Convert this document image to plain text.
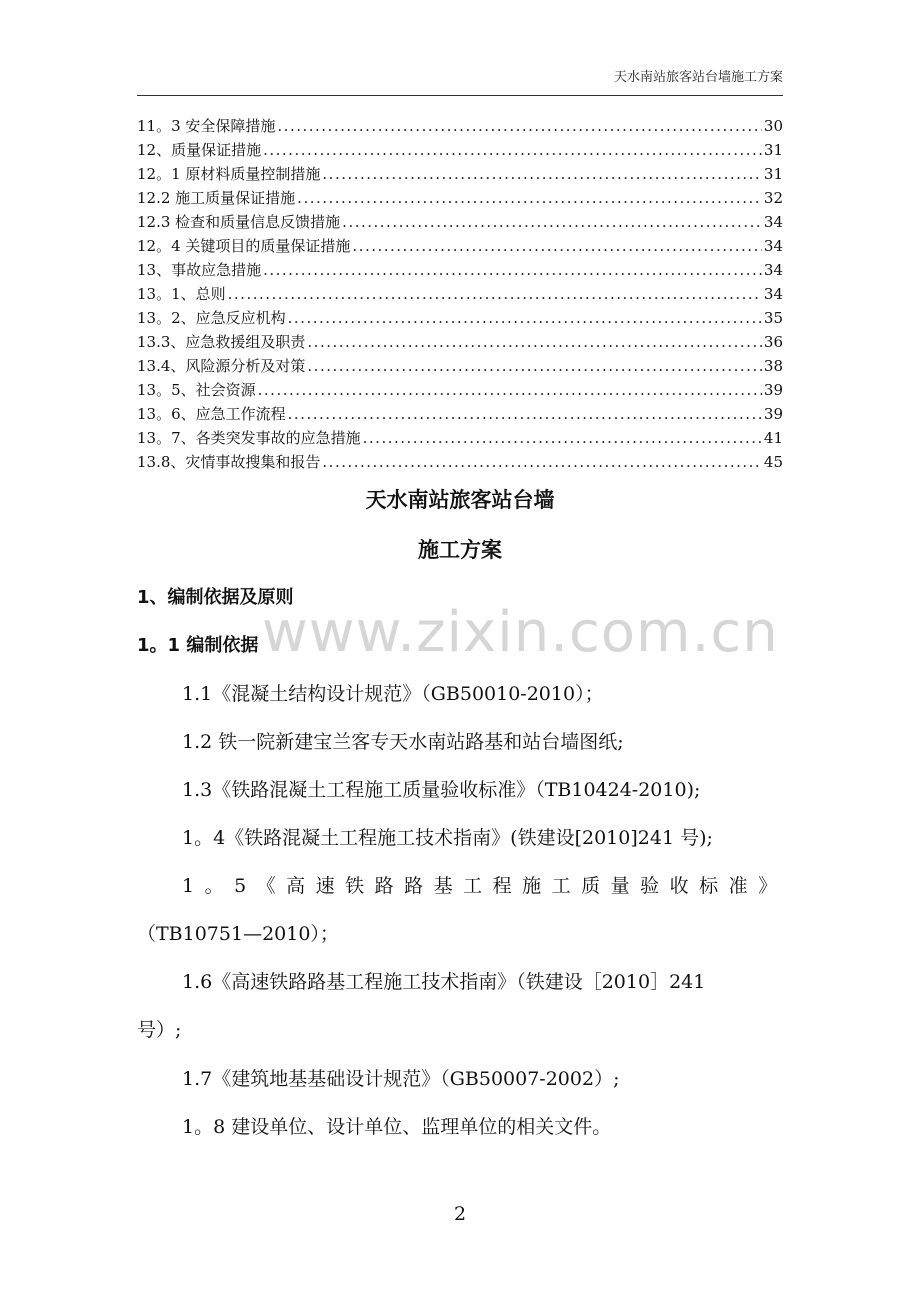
天水南站旅客站台墙施工方案
11。3 安全保障措施 .....	30
12、质量保证措施 .....	31
12。1 原材料质量控制措施 .....	31
12.2 施工质量保证措施 .....	32
12.3 检查和质量信息反馈措施 .....	34
12。4 关键项目的质量保证措施 .....	34
13、事故应急措施 .....	34
13。1、总则 .....	34
13。2、应急反应机构 .....	35
13.3、应急救援组及职责 .....	36
13.4、风险源分析及对策 .....	38
13。5、社会资源 .....	39
13。6、应急工作流程 .....	39
13。7、各类突发事故的应急措施 .....	41
13.8、灾情事故搜集和报告 .....	45
天水南站旅客站台墙
施工方案
www.zixin.com.cn
1、编制依据及原则
1。1 编制依据
1.1《混凝土结构设计规范》（GB50010-2010）；
1.2 铁一院新建宝兰客专天水南站路基和站台墙图纸;
1.3《铁路混凝土工程施工质量验收标准》（TB10424-2010);
1。4《铁路混凝土工程施工技术指南》(铁建设[2010]241 号);
1。5《高速铁路路基工程施工质量验收标准》
（TB10751—2010）；
1.6《高速铁路路基工程施工技术指南》（铁建设［2010］241
号）;
1.7《建筑地基基础设计规范》（GB50007-2002）;
1。8 建设单位、设计单位、监理单位的相关文件。
2
